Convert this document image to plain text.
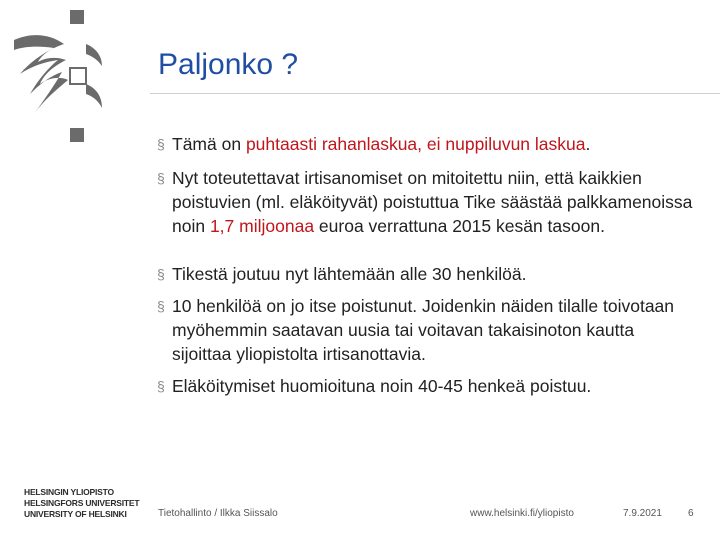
Paljonko ?
§ Tämä on puhtaasti rahanlaskua, ei nuppiluvun laskua.
§ Nyt toteutettavat irtisanomiset on mitoitettu niin, että kaikkien poistuvien (ml. eläköityvät) poistuttua Tike säästää palkkamenoissa noin 1,7 miljoonaa euroa verrattuna 2015 kesän tasoon.
§ Tikestä joutuu nyt lähtemään alle 30 henkilöä.
§ 10 henkilöä on jo itse poistunut. Joidenkin näiden tilalle toivotaan myöhemmin saatavan uusia tai voitavan takaisinoton kautta sijoittaa yliopistolta irtisanottavia.
§ Eläköitymiset huomioituna noin 40-45 henkeä poistuu.
HELSINGIN YLIOPISTO
HELSINGFORS UNIVERSITET
UNIVERSITY OF HELSINKI	Tietohallinto / Ilkka Siissalo	www.helsinki.fi/yliopisto	7.9.2021	6
